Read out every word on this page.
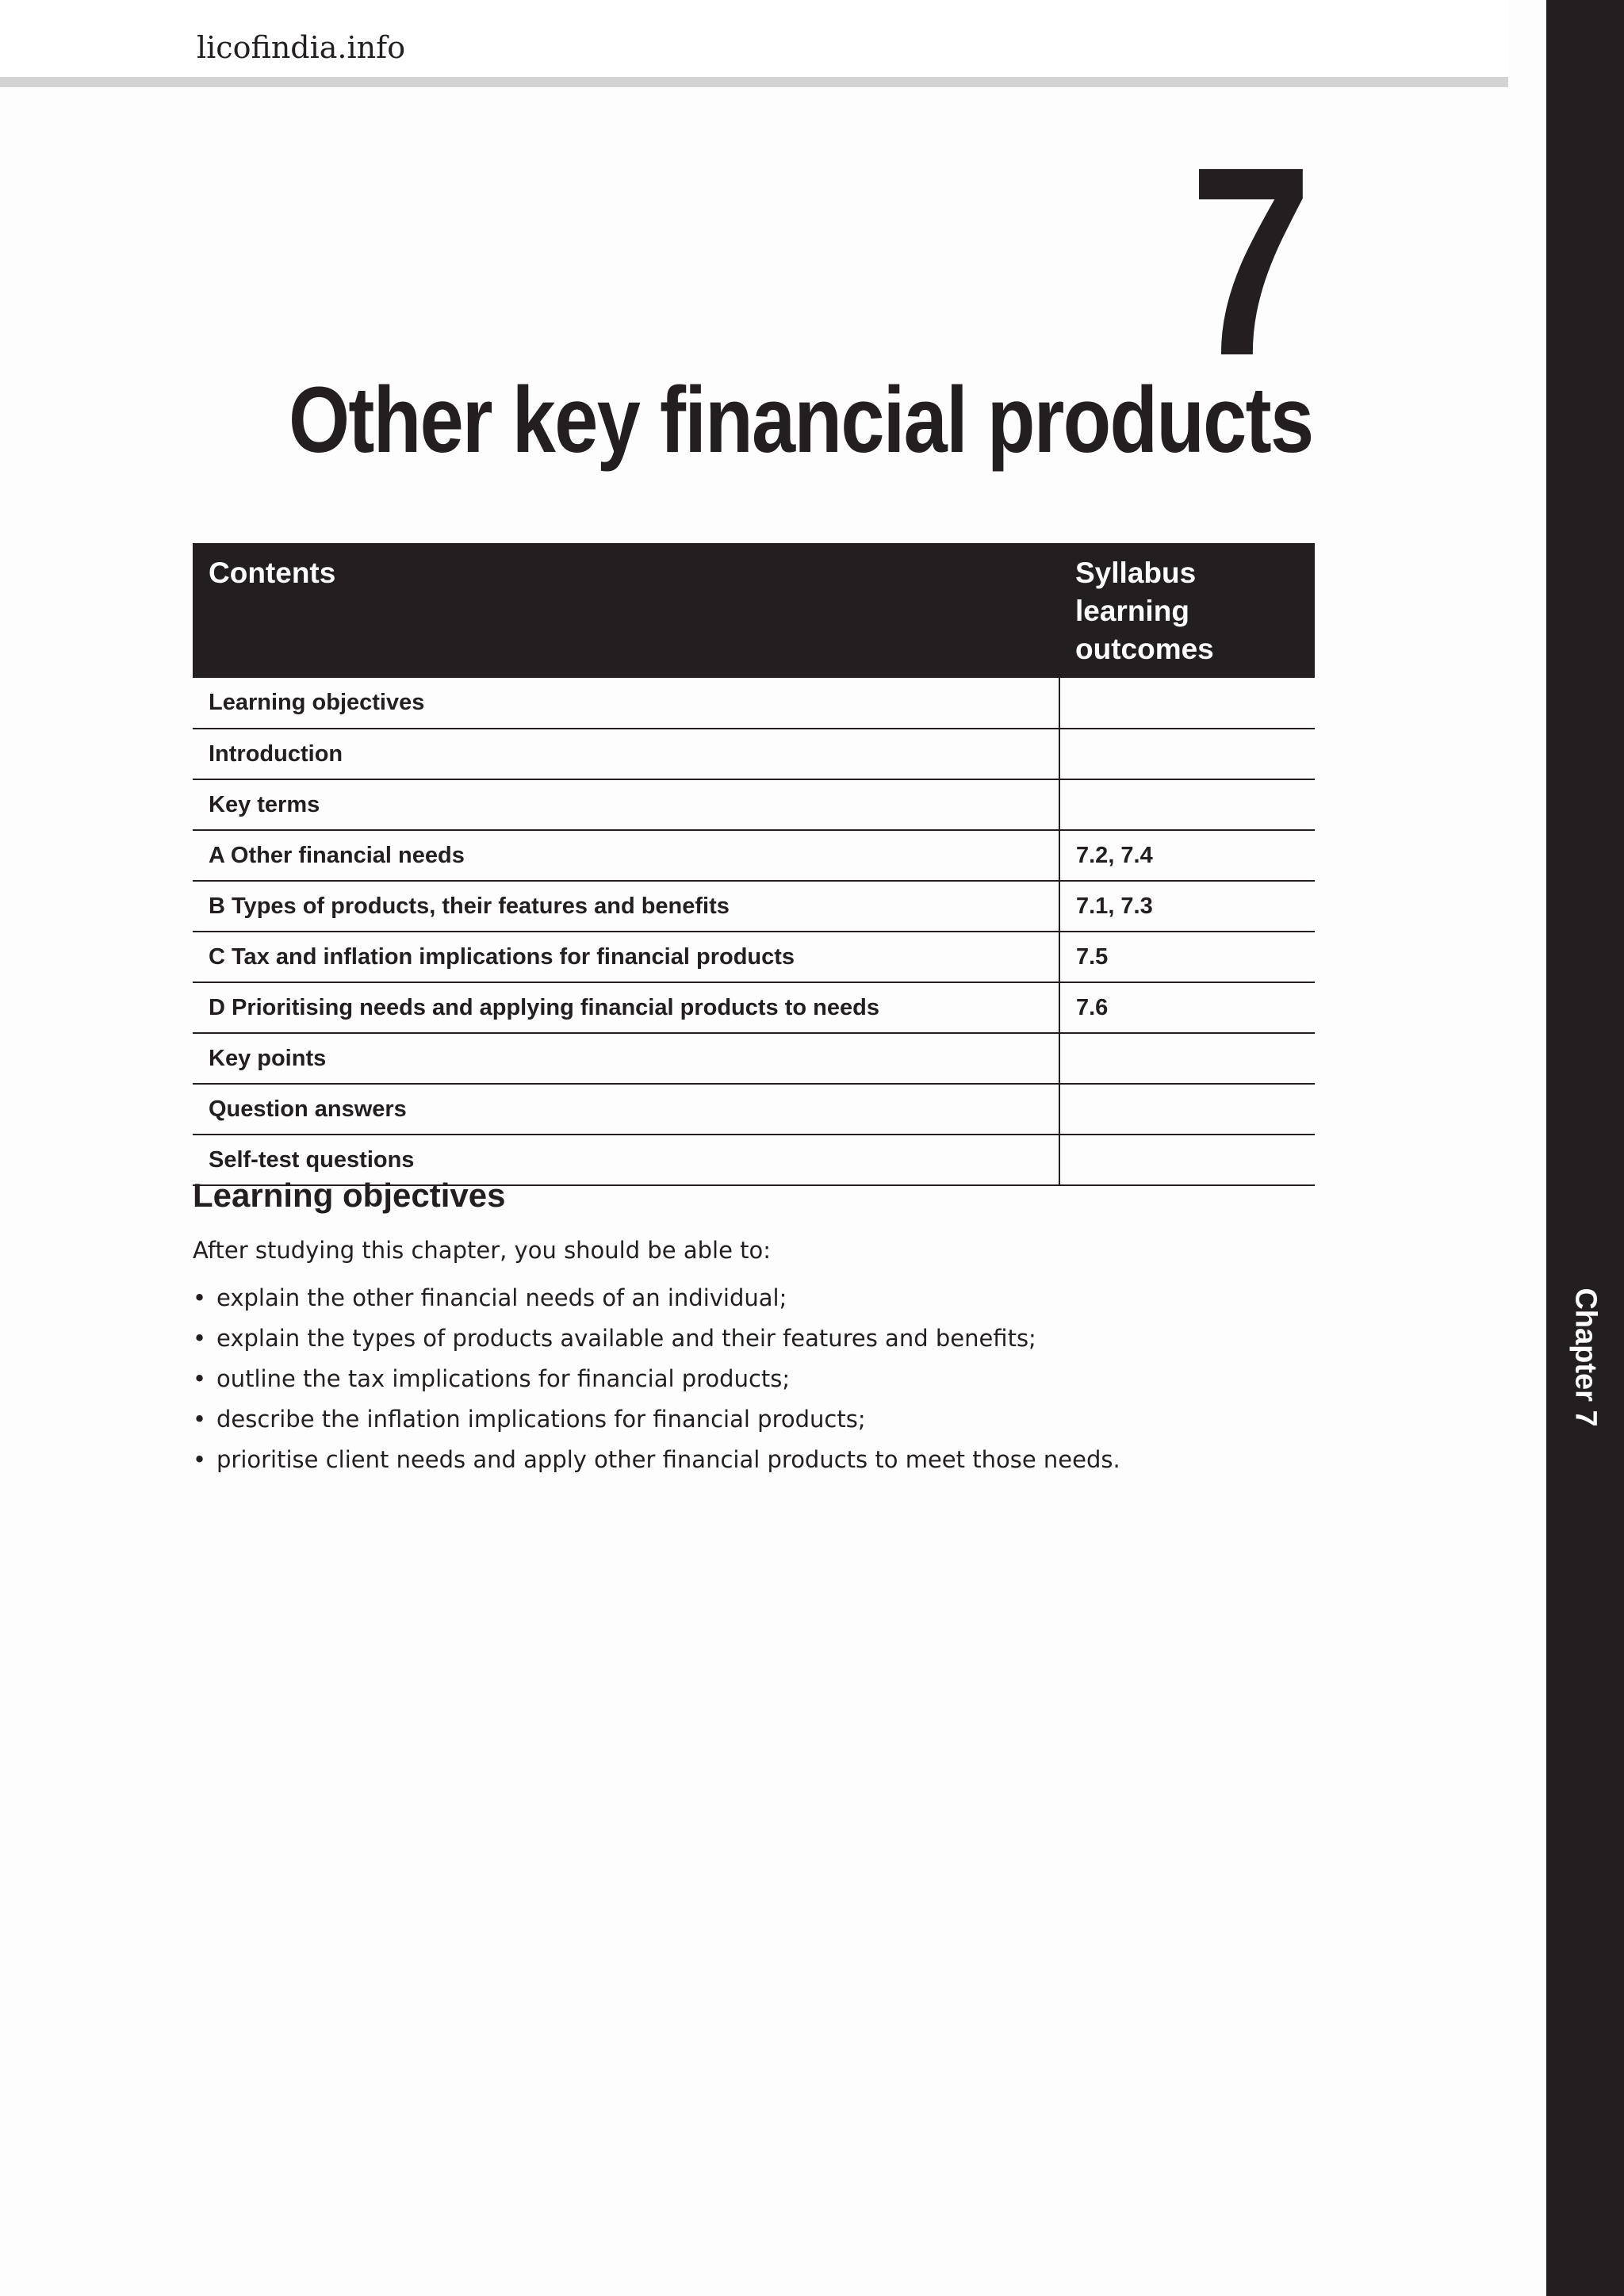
licofindia.info
Chapter 7
7
Other key financial products
Contents	Syllabus learning outcomes
Learning objectives	
Introduction	
Key terms	
A Other financial needs	7.2, 7.4
B Types of products, their features and benefits	7.1, 7.3
C Tax and inflation implications for financial products	7.5
D Prioritising needs and applying financial products to needs	7.6
Key points	
Question answers	
Self-test questions	
Learning objectives
After studying this chapter, you should be able to:
• explain the other financial needs of an individual;
• explain the types of products available and their features and benefits;
• outline the tax implications for financial products;
• describe the inflation implications for financial products;
• prioritise client needs and apply other financial products to meet those needs.
